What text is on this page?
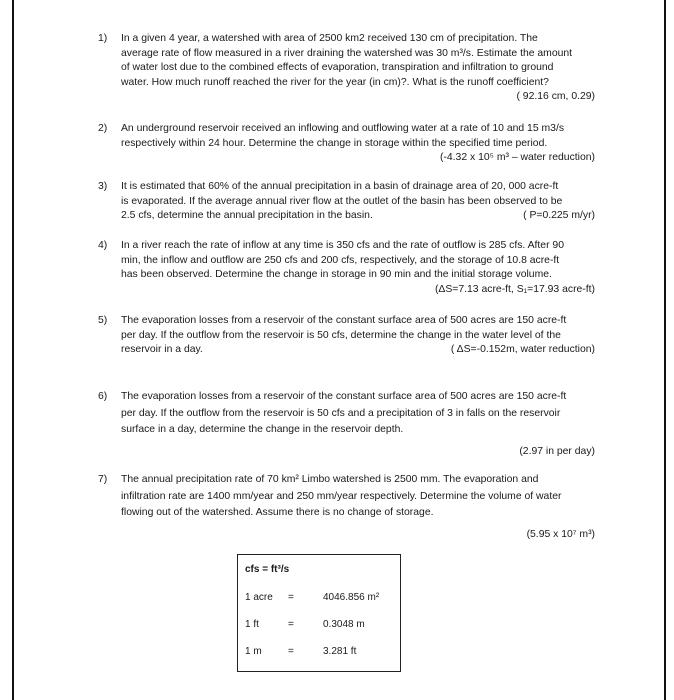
1)	In a given 4 year, a watershed with area of 2500 km2 received 130 cm of precipitation. The
average rate of flow measured in a river draining the watershed was 30 m³/s. Estimate the amount
of water lost due to the combined effects of evaporation, transpiration and infiltration to ground
water. How much runoff reached the river for the year (in cm)?. What is the runoff coefficient?
( 92.16 cm, 0.29)
2)	An underground reservoir received an inflowing and outflowing water at a rate of 10 and 15 m3/s
respectively within 24 hour. Determine the change in storage within the specified time period.
(-4.32 x 10⁵ m³ – water reduction)
3)	It is estimated that 60% of the annual precipitation in a basin of drainage area of 20, 000 acre-ft
is evaporated. If the average annual river flow at the outlet of the basin has been observed to be
2.5 cfs, determine the annual precipitation in the basin.	( P=0.225 m/yr)
4)	In a river reach the rate of inflow at any time is 350 cfs and the rate of outflow is 285 cfs. After 90
min, the inflow and outflow are 250 cfs and 200 cfs, respectively, and the storage of 10.8 acre-ft
has been observed. Determine the change in storage in 90 min and the initial storage volume.
(ΔS=7.13 acre-ft, S₁=17.93 acre-ft)
5)	The evaporation losses from a reservoir of the constant surface area of 500 acres are 150 acre-ft
per day. If the outflow from the reservoir is 50 cfs, determine the change in the water level of the
reservoir in a day.	( ΔS=-0.152m, water reduction)
6)	The evaporation losses from a reservoir of the constant surface area of 500 acres are 150 acre-ft
per day. If the outflow from the reservoir is 50 cfs and a precipitation of 3 in falls on the reservoir
surface in a day, determine the change in the reservoir depth.
(2.97 in per day)
7)	The annual precipitation rate of 70 km² Limbo watershed is 2500 mm. The evaporation and
infiltration rate are 1400 mm/year and 250 mm/year respectively. Determine the volume of water
flowing out of the watershed. Assume there is no change of storage.
(5.95 x 10⁷ m³)
cfs = ft³/s
1 acre =	4046.856 m²
1 ft	=	0.3048 m
1 m	=	3.281 ft
